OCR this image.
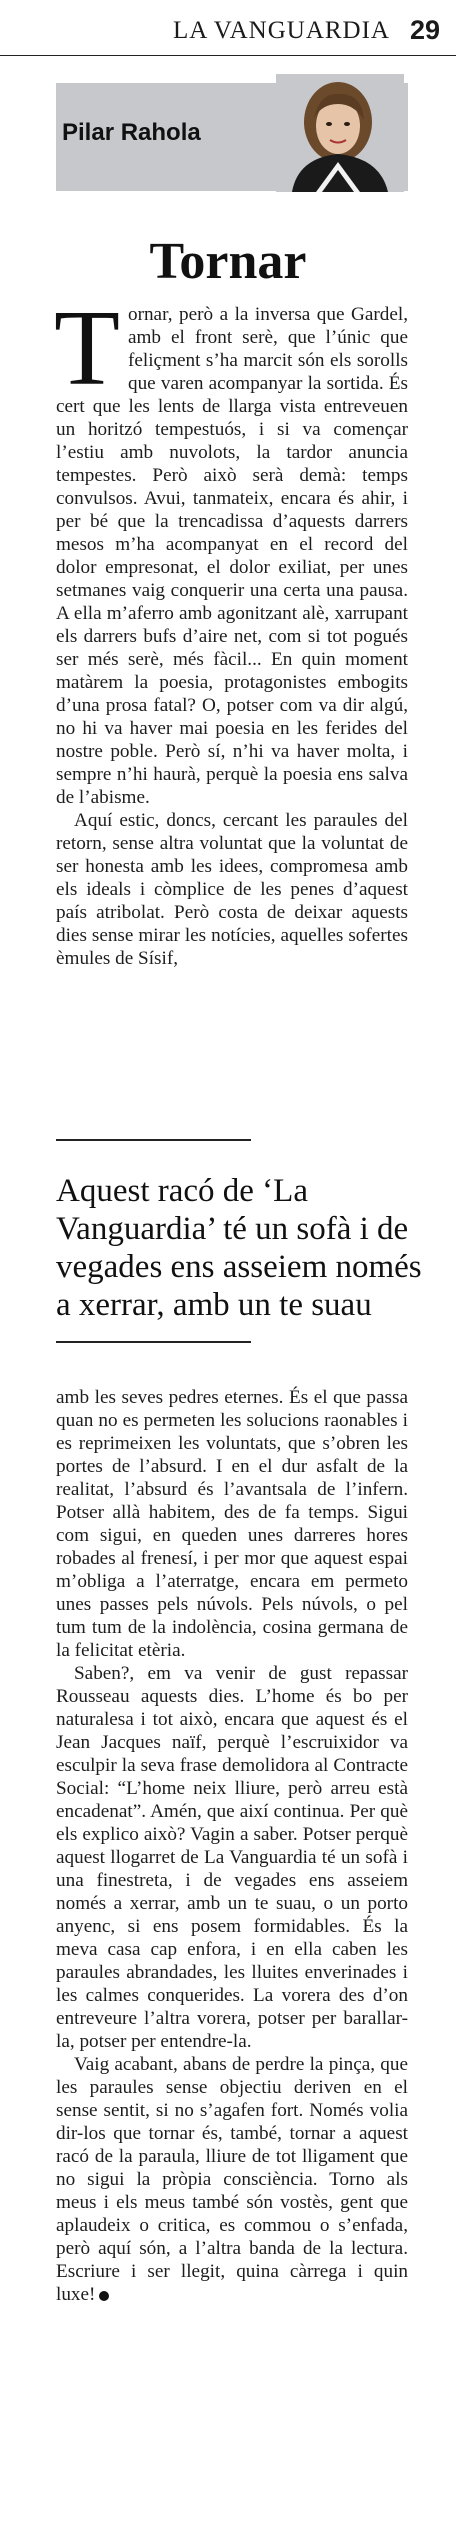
LA VANGUARDIA 29
Pilar Rahola
Tornar

Tornar, però a la inversa que Gardel, amb el front serè, que l’únic que feliçment s’ha marcit són els sorolls que varen acompanyar la sortida. És cert que les lents de llarga vista entreveuen un horitzó tempestuós, i si va començar l’estiu amb nuvolots, la tardor anuncia tempestes. Però això serà demà: temps convulsos. Avui, tanmateix, encara és ahir, i per bé que la trencadissa d’aquests darrers mesos m’ha acompanyat en el record del dolor empresonat, el dolor exiliat, per unes setmanes vaig conquerir una certa una pausa. A ella m’aferro amb agonitzant alè, xarrupant els darrers bufs d’aire net, com si tot pogués ser més serè, més fàcil... En quin moment matàrem la poesia, protagonistes embogits d’una prosa fatal? O, potser com va dir algú, no hi va haver mai poesia en les ferides del nostre poble. Però sí, n’hi va haver molta, i sempre n’hi haurà, perquè la poesia ens salva de l’abisme.

Aquí estic, doncs, cercant les paraules del retorn, sense altra voluntat que la voluntat de ser honesta amb les idees, compromesa amb els ideals i còmplice de les penes d’aquest país atribolat. Però costa de deixar aquests dies sense mirar les notícies, aquelles sofertes èmules de Sísif,

Aquest racó de ‘La Vanguardia’ té un sofà i de vegades ens asseiem només a xerrar, amb un te suau

amb les seves pedres eternes. És el que passa quan no es permeten les solucions raonables i es reprimeixen les voluntats, que s’obren les portes de l’absurd. I en el dur asfalt de la realitat, l’absurd és l’avantsala de l’infern. Potser allà habitem, des de fa temps. Sigui com sigui, en queden unes darreres hores robades al frenesí, i per mor que aquest espai m’obliga a l’aterratge, encara em permeto unes passes pels núvols. Pels núvols, o pel tum tum de la indolència, cosina germana de la felicitat etèria.

Saben?, em va venir de gust repassar Rousseau aquests dies. L’home és bo per naturalesa i tot això, encara que aquest és el Jean Jacques naïf, perquè l’escruixidor va esculpir la seva frase demolidora al Contracte Social: “L’home neix lliure, però arreu està encadenat”. Amén, que així continua. Per què els explico això? Vagin a saber. Potser perquè aquest llogarret de La Vanguardia té un sofà i una finestreta, i de vegades ens asseiem només a xerrar, amb un te suau, o un porto anyenc, si ens posem formidables. És la meva casa cap enfora, i en ella caben les paraules abrandades, les lluites enverinades i les calmes conquerides. La vorera des d’on entreveure l’altra vorera, potser per barallar-la, potser per entendre-la.

Vaig acabant, abans de perdre la pinça, que les paraules sense objectiu deriven en el sense sentit, si no s’agafen fort. Només volia dir-los que tornar és, també, tornar a aquest racó de la paraula, lliure de tot lligament que no sigui la pròpia consciència. Torno als meus i els meus també són vostès, gent que aplaudeix o critica, es commou o s’enfada, però aquí són, a l’altra banda de la lectura. Escriure i ser llegit, quina càrrega i quin luxe!
